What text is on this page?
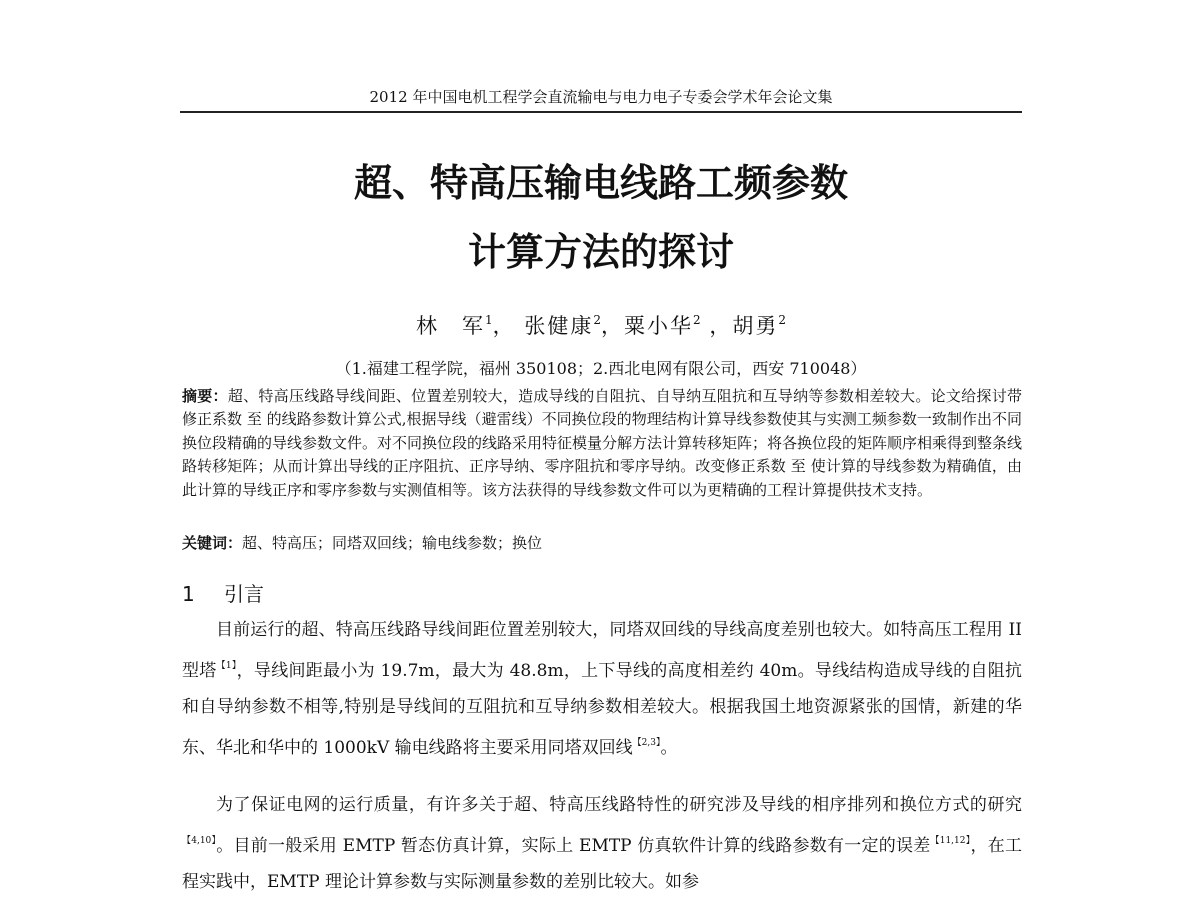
2012 年中国电机工程学会直流输电与电力电子专委会学术年会论文集
超、特高压输电线路工频参数
计算方法的探讨
林　军$^1$， 张健康$^2$，粟小华$^2$ ，胡勇$^2$
（1.福建工程学院，福州 350108；2.西北电网有限公司，西安 710048）
摘要：超、特高压线路导线间距、位置差别较大，造成导线的自阻抗、自导纳互阻抗和互导纳等参数相差较大。论文给探讨带修正系数 至 的线路参数计算公式,根据导线（避雷线）不同换位段的物理结构计算导线参数使其与实测工频参数一致制作出不同换位段精确的导线参数文件。对不同换位段的线路采用特征模量分解方法计算转移矩阵；将各换位段的矩阵顺序相乘得到整条线路转移矩阵；从而计算出导线的正序阻抗、正序导纳、零序阻抗和零序导纳。改变修正系数 至 使计算的导线参数为精确值，由此计算的导线正序和零序参数与实测值相等。该方法获得的导线参数文件可以为更精确的工程计算提供技术支持。
关键词：超、特高压；同塔双回线；输电线参数；换位
1 引言
目前运行的超、特高压线路导线间距位置差别较大，同塔双回线的导线高度差别也较大。如特高压工程用 II 型塔$^{【1】}$，导线间距最小为 19.7m，最大为 48.8m，上下导线的高度相差约 40m。导线结构造成导线的自阻抗和自导纳参数不相等,特别是导线间的互阻抗和互导纳参数相差较大。根据我国土地资源紧张的国情，新建的华东、华北和华中的 1000kV 输电线路将主要采用同塔双回线$^{【2,3】}$。
为了保证电网的运行质量，有许多关于超、特高压线路特性的研究涉及导线的相序排列和换位方式的研究$^{【4,10】}$。目前一般采用 EMTP 暂态仿真计算，实际上 EMTP 仿真软件计算的线路参数有一定的误差$^{【11,12】}$，在工程实践中，EMTP 理论计算参数与实际测量参数的差别比较大。如参
